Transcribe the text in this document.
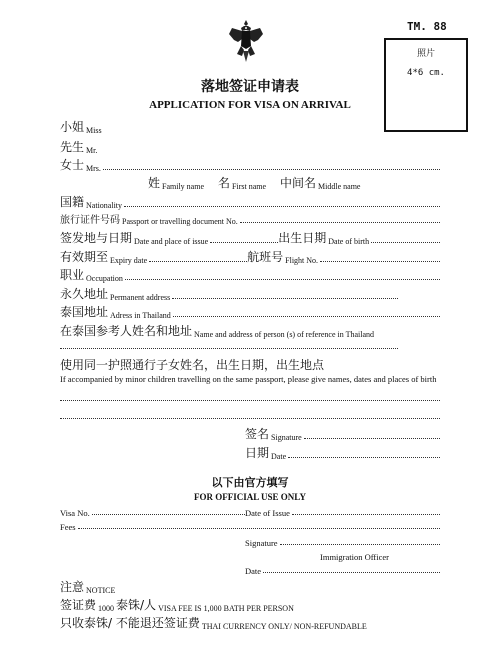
TM. 88
照片
4*6 cm.
落地签证申请表
APPLICATION FOR VISA ON ARRIVAL
小姐 Miss
先生 Mr.
女士 Mrs.
姓 Family name 名 First name 中间名 Middle name
国籍 Nationality
旅行证件号码 Passport or travelling document No.
签发地与日期 Date and place of issue	出生日期 Date of birth
有效期至 Expiry date	航班号 Flight No.
职业 Occupation
永久地址 Permanent address
泰国地址 Adress in Thailand
在泰国参考人姓名和地址 Name and address of person (s) of reference in Thailand
使用同一护照通行子女姓名，出生日期，出生地点
If accompanied by minor children travelling on the same passport, please give names, dates and places of birth
签名 Signature
日期 Date
以下由官方填写
FOR OFFICIAL USE ONLY
Visa No.	Date of Issue
Fees
Signature
Immigration Officer
Date
注意 NOTICE
签证费 1000 泰铢/人 VISA FEE IS 1,000 BATH PER PERSON
只收泰铢/ 不能退还签证费 THAI CURRENCY ONLY/ NON-REFUNDABLE
